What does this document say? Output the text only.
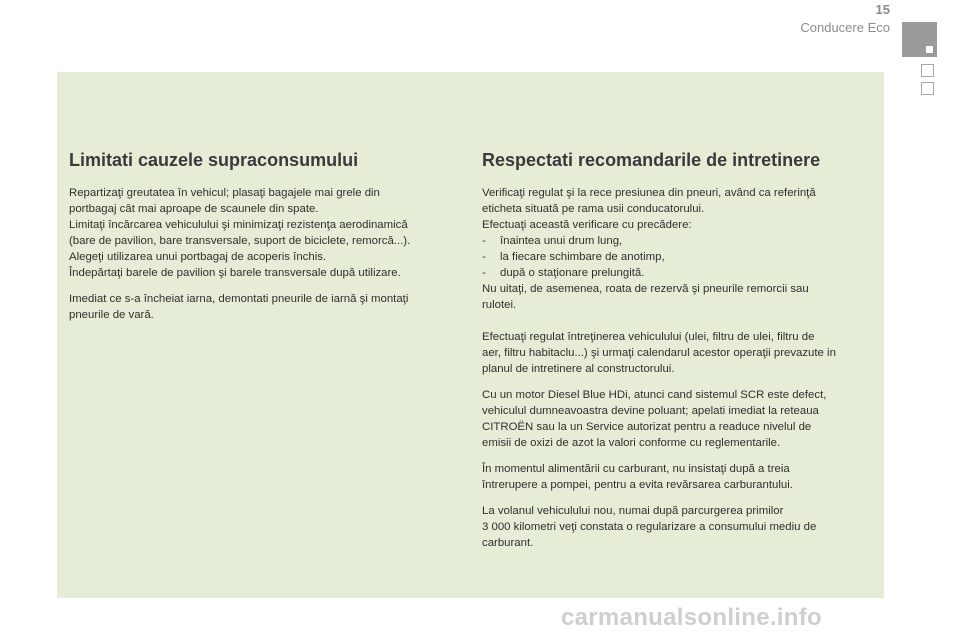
15
Conducere Eco
Limitati cauzele supraconsumului

Repartizaţi greutatea în vehicul; plasaţi bagajele mai grele din
portbagaj cât mai aproape de scaunele din spate.
Limitaţi încărcarea vehiculului şi minimizaţi rezistenţa aerodinamică
(bare de pavilion, bare transversale, suport de biciclete, remorcă...).
Alegeţi utilizarea unui portbagaj de acoperis închis.
Îndepărtaţi barele de pavilion şi barele transversale după utilizare.

Imediat ce s-a încheiat iarna, demontati pneurile de iarnă şi montaţi
pneurile de vară.

Respectati recomandarile de intretinere

Verificaţi regulat şi la rece presiunea din pneuri, având ca referinţă
eticheta situată pe rama usii conducatorului.
Efectuaţi această verificare cu precădere:
- înaintea unui drum lung,
- la fiecare schimbare de anotimp,
- după o staţionare prelungită.
Nu uitaţi, de asemenea, roata de rezervă şi pneurile remorcii sau
rulotei.

Efectuaţi regulat întreţinerea vehiculului (ulei, filtru de ulei, filtru de
aer, filtru habitaclu...) şi urmaţi calendarul acestor operaţii prevazute in
planul de intretinere al constructorului.

Cu un motor Diesel Blue HDi, atunci cand sistemul SCR este defect,
vehiculul dumneavoastra devine poluant; apelati imediat la reteaua
CITROËN sau la un Service autorizat pentru a readuce nivelul de
emisii de oxizi de azot la valori conforme cu reglementarile.

În momentul alimentării cu carburant, nu insistaţi după a treia
întrerupere a pompei, pentru a evita revărsarea carburantului.

La volanul vehiculului nou, numai după parcurgerea primilor
3 000 kilometri veţi constata o regularizare a consumului mediu de
carburant.

carmanualsonline.info
